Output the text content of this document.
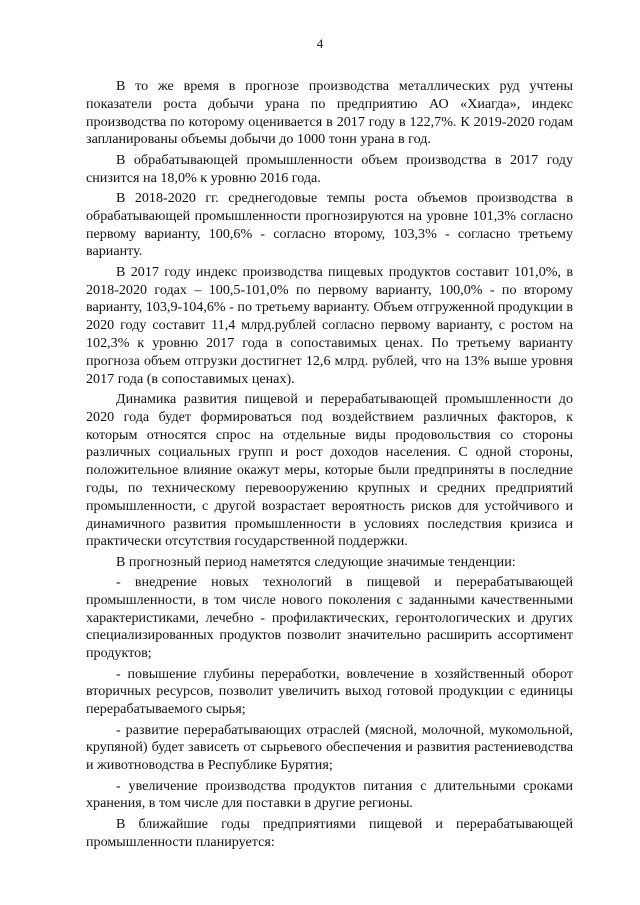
4

В то же время в прогнозе производства металлических руд учтены показатели роста добычи урана по предприятию АО «Хиагда», индекс производства по которому оценивается в 2017 году в 122,7%. К 2019-2020 годам запланированы объемы добычи до 1000 тонн урана в год.

В обрабатывающей промышленности объем производства в 2017 году снизится на 18,0% к уровню 2016 года.

В 2018-2020 гг. среднегодовые темпы роста объемов производства в обрабатывающей промышленности прогнозируются на уровне 101,3% согласно первому варианту, 100,6% - согласно второму, 103,3% - согласно третьему варианту.

В 2017 году индекс производства пищевых продуктов составит 101,0%, в 2018-2020 годах – 100,5-101,0% по первому варианту, 100,0% - по второму варианту, 103,9-104,6% - по третьему варианту. Объем отгруженной продукции в 2020 году составит 11,4 млрд.рублей согласно первому варианту, с ростом на 102,3% к уровню 2017 года в сопоставимых ценах. По третьему варианту прогноза объем отгрузки достигнет 12,6 млрд. рублей, что на 13% выше уровня 2017 года (в сопоставимых ценах).

Динамика развития пищевой и перерабатывающей промышленности до 2020 года будет формироваться под воздействием различных факторов, к которым относятся спрос на отдельные виды продовольствия со стороны различных социальных групп и рост доходов населения. С одной стороны, положительное влияние окажут меры, которые были предприняты в последние годы, по техническому перевооружению крупных и средних предприятий промышленности, с другой возрастает вероятность рисков для устойчивого и динамичного развития промышленности в условиях последствия кризиса и практически отсутствия государственной поддержки.

В прогнозный период наметятся следующие значимые тенденции:

- внедрение новых технологий в пищевой и перерабатывающей промышленности, в том числе нового поколения с заданными качественными характеристиками, лечебно - профилактических, геронтологических и других специализированных продуктов позволит значительно расширить ассортимент продуктов;

- повышение глубины переработки, вовлечение в хозяйственный оборот вторичных ресурсов, позволит увеличить выход готовой продукции с единицы перерабатываемого сырья;

- развитие перерабатывающих отраслей (мясной, молочной, мукомольной, крупяной) будет зависеть от сырьевого обеспечения и развития растениеводства и животноводства в Республике Бурятия;

- увеличение производства продуктов питания с длительными сроками хранения, в том числе для поставки в другие регионы.

В ближайшие годы предприятиями пищевой и перерабатывающей промышленности планируется:
